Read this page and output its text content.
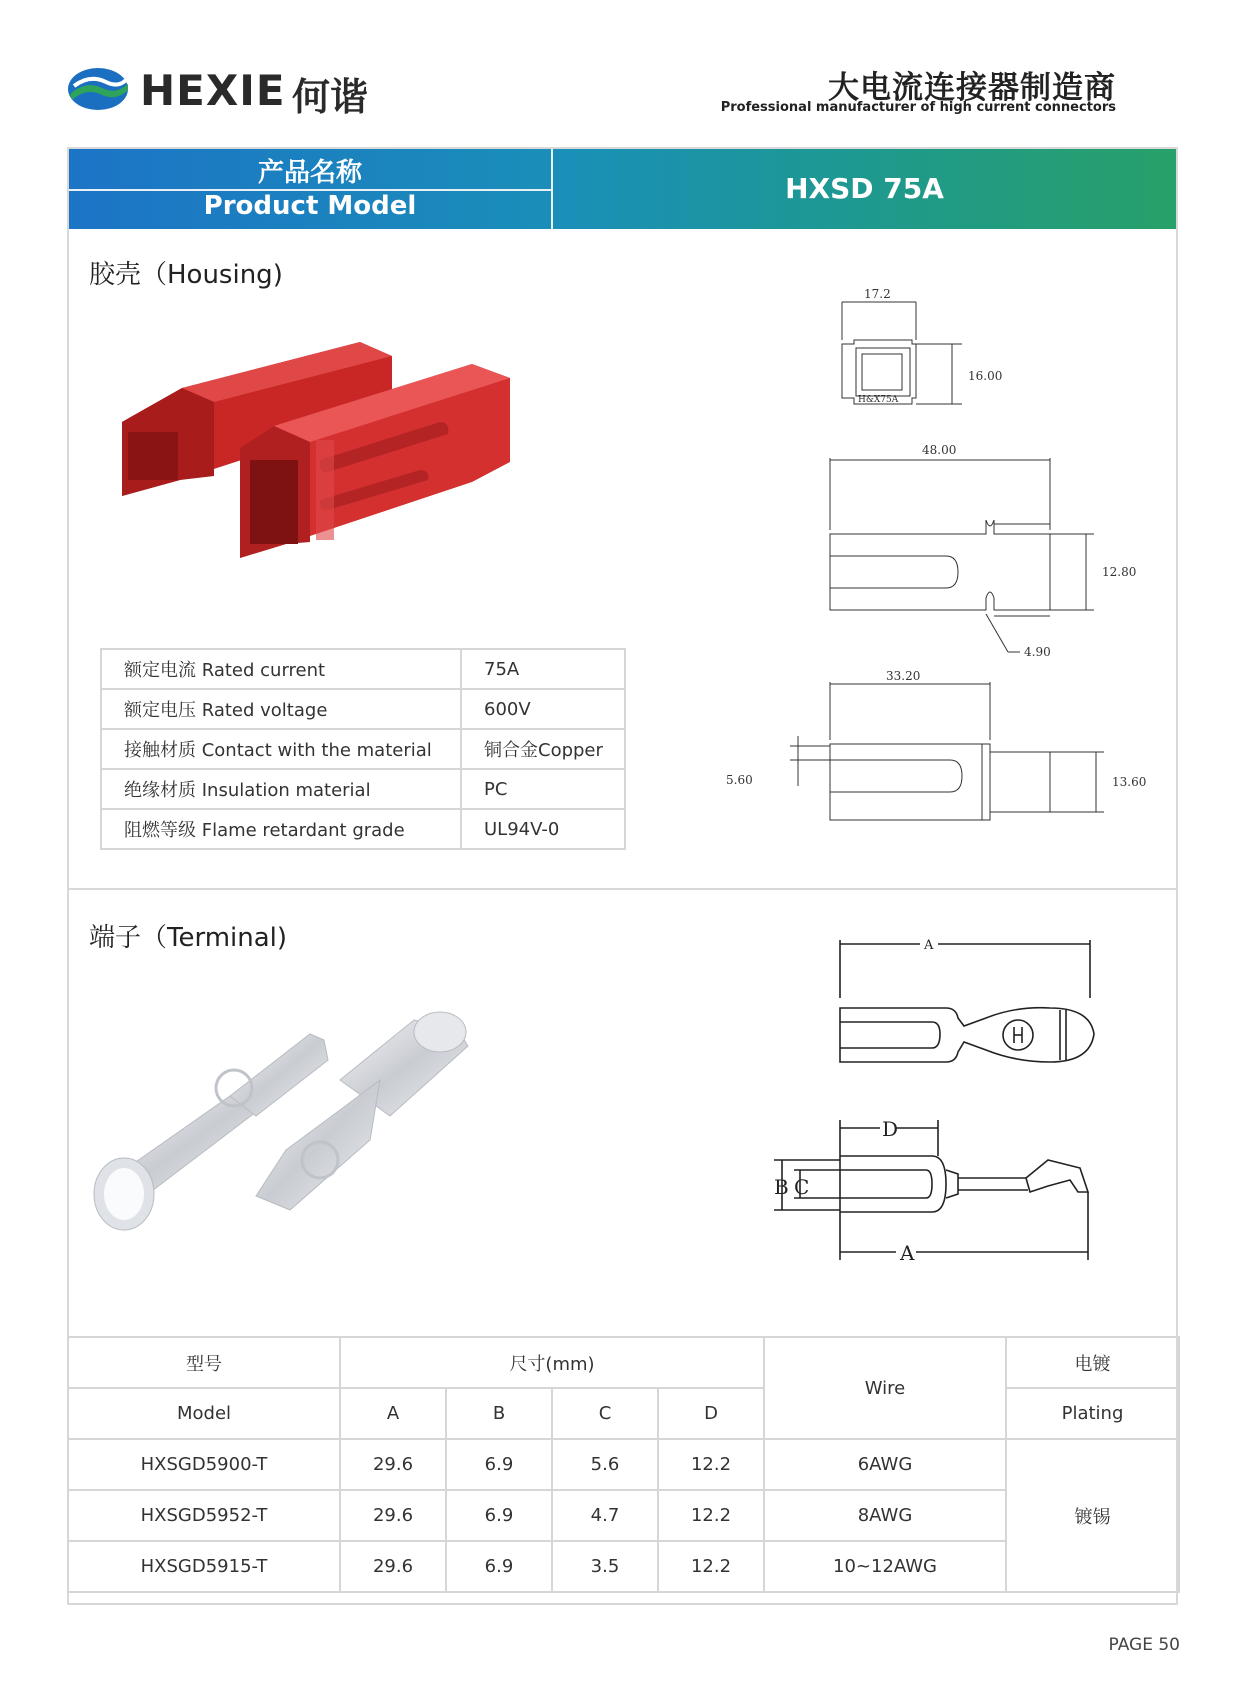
HEXIE 何谐	大电流连接器制造商
Professional manufacturer of high current connectors
产品名称
Product Model
HXSD 75A
胶壳（Housing)
额定电流 Rated current	75A
额定电压 Rated voltage	600V
接触材质 Contact with the material	铜合金Copper
绝缘材质 Insulation material	PC
阻燃等级 Flame retardant grade	UL94V-0
17.2
16.00
H&X75A
48.00
12.80
4.90
33.20
13.60
5.60
端子（Terminal)	A
D
B C
A
型号	尺寸(mm)				Wire	电镀
Model	A	B	C	D		Plating
HXSGD5900-T	29.6	6.9	5.6	12.2	6AWG	镀锡
HXSGD5952-T	29.6	6.9	4.7	12.2	8AWG	
HXSGD5915-T	29.6	6.9	3.5	12.2	10~12AWG	
PAGE 50
